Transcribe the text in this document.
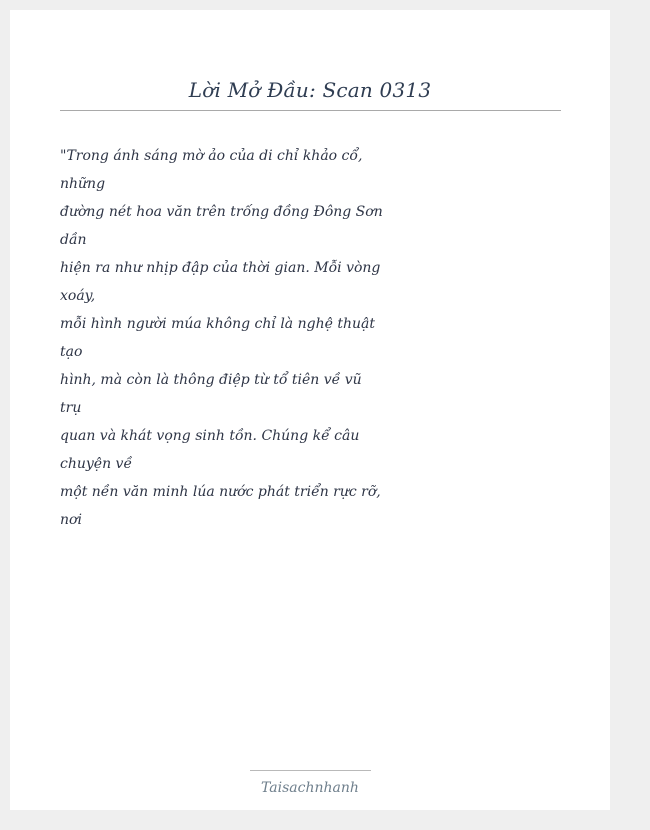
Lời Mở Đầu: Scan 0313
"Trong ánh sáng mờ ảo của di chỉ khảo cổ,
những
đường nét hoa văn trên trống đồng Đông Sơn
dần
hiện ra như nhịp đập của thời gian. Mỗi vòng
xoáy,
mỗi hình người múa không chỉ là nghệ thuật
tạo
hình, mà còn là thông điệp từ tổ tiên về vũ
trụ
quan và khát vọng sinh tồn. Chúng kể câu
chuyện về
một nền văn minh lúa nước phát triển rực rỡ,
nơi
Taisachnhanh
